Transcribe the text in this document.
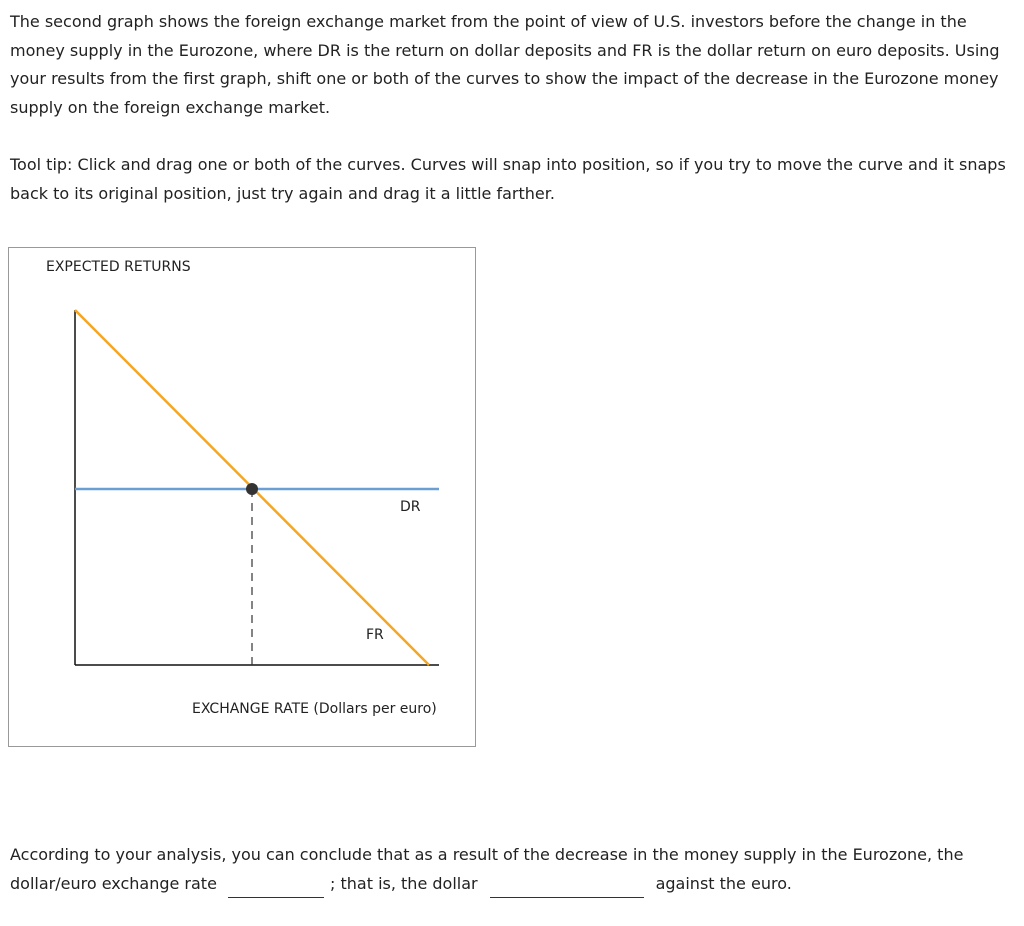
The second graph shows the foreign exchange market from the point of view of U.S. investors before the change in the money supply in the Eurozone, where DR is the return on dollar deposits and FR is the dollar return on euro deposits. Using your results from the first graph, shift one or both of the curves to show the impact of the decrease in the Eurozone money supply on the foreign exchange market.

Tool tip: Click and drag one or both of the curves. Curves will snap into position, so if you try to move the curve and it snaps back to its original position, just try again and drag it a little farther.

EXPECTED RETURNS
DR
FR
EXCHANGE RATE (Dollars per euro)

According to your analysis, you can conclude that as a result of the decrease in the money supply in the Eurozone, the dollar/euro exchange rate	; that is, the dollar	against the euro.
